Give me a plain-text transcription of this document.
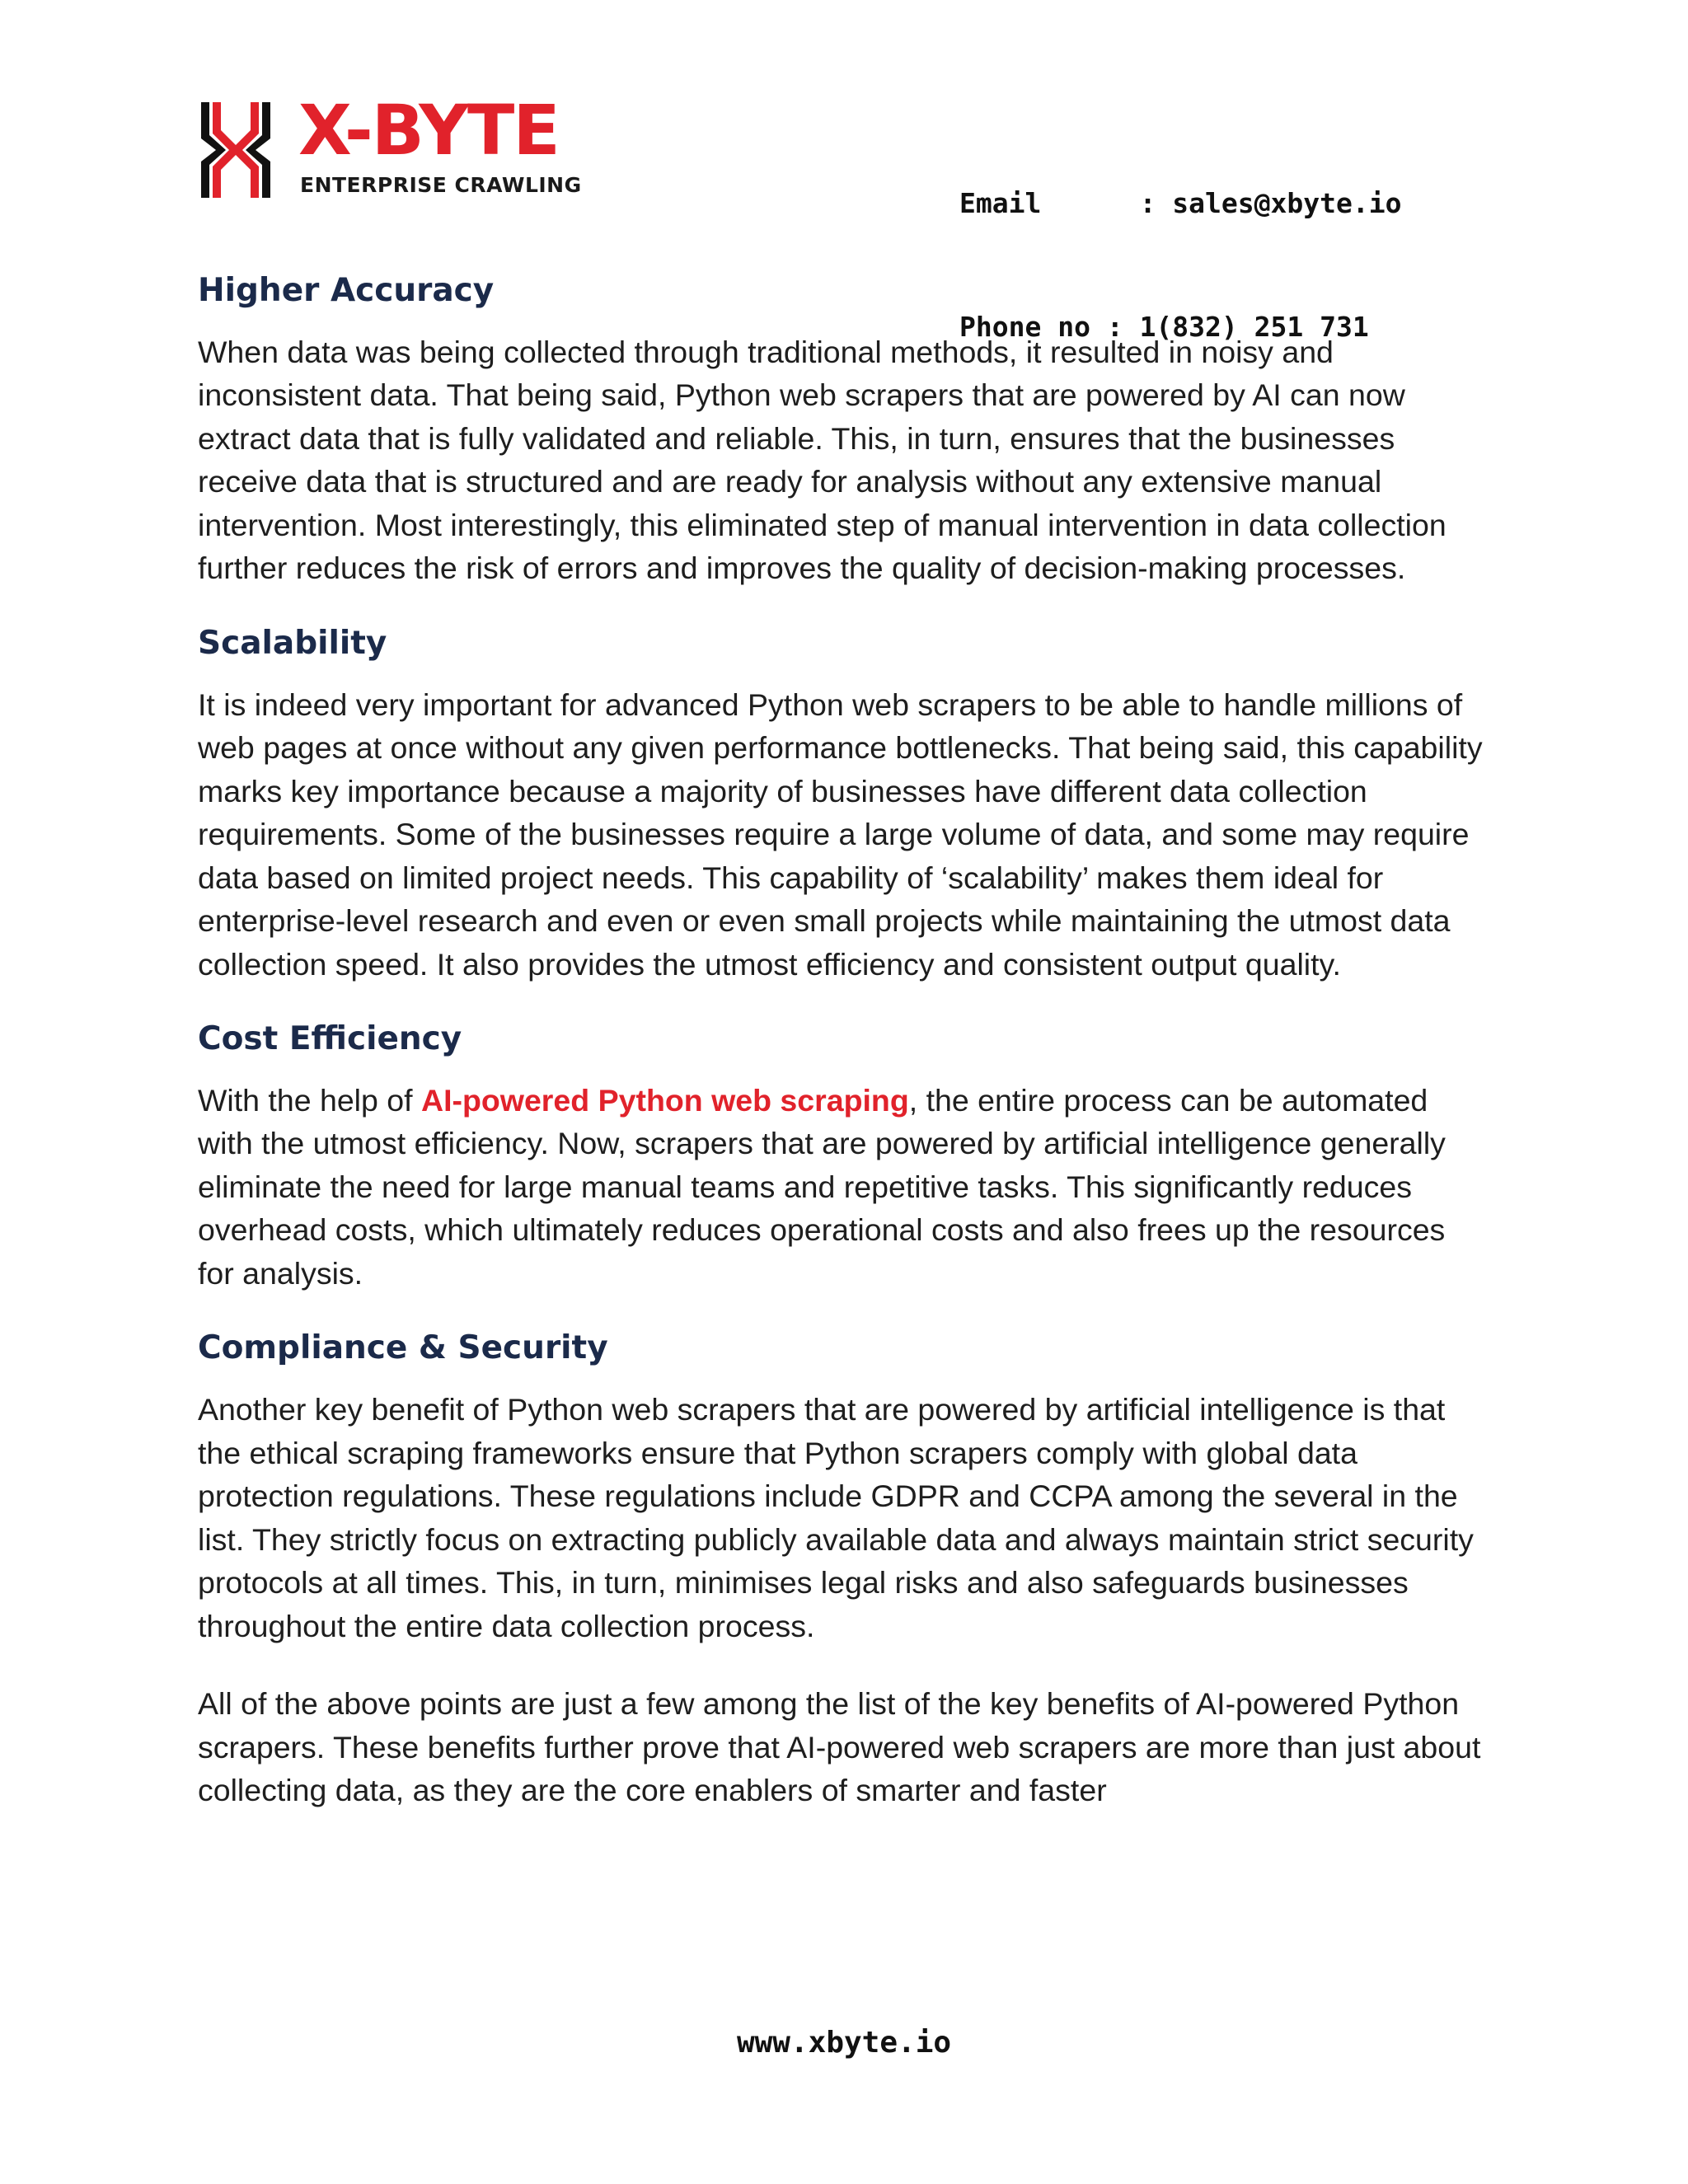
X-BYTE
ENTERPRISE CRAWLING

Email	: sales@xbyte.io

Phone no : 1(832) 251 731

Higher Accuracy

When data was being collected through traditional methods, it resulted in noisy and inconsistent data. That being said, Python web scrapers that are powered by AI can now extract data that is fully validated and reliable. This, in turn, ensures that the businesses receive data that is structured and are ready for analysis without any extensive manual intervention. Most interestingly, this eliminated step of manual intervention in data collection further reduces the risk of errors and improves the quality of decision-making processes.

Scalability

It is indeed very important for advanced Python web scrapers to be able to handle millions of web pages at once without any given performance bottlenecks. That being said, this capability marks key importance because a majority of businesses have different data collection requirements. Some of the businesses require a large volume of data, and some may require data based on limited project needs. This capability of ‘scalability’ makes them ideal for enterprise-level research and even or even small projects while maintaining the utmost data collection speed. It also provides the utmost efficiency and consistent output quality.

Cost Efficiency

With the help of AI-powered Python web scraping, the entire process can be automated with the utmost efficiency. Now, scrapers that are powered by artificial intelligence generally eliminate the need for large manual teams and repetitive tasks. This significantly reduces overhead costs, which ultimately reduces operational costs and also frees up the resources for analysis.

Compliance & Security

Another key benefit of Python web scrapers that are powered by artificial intelligence is that the ethical scraping frameworks ensure that Python scrapers comply with global data protection regulations. These regulations include GDPR and CCPA among the several in the list. They strictly focus on extracting publicly available data and always maintain strict security protocols at all times. This, in turn, minimises legal risks and also safeguards businesses throughout the entire data collection process.

All of the above points are just a few among the list of the key benefits of AI-powered Python scrapers. These benefits further prove that AI-powered web scrapers are more than just about collecting data, as they are the core enablers of smarter and faster

www.xbyte.io
